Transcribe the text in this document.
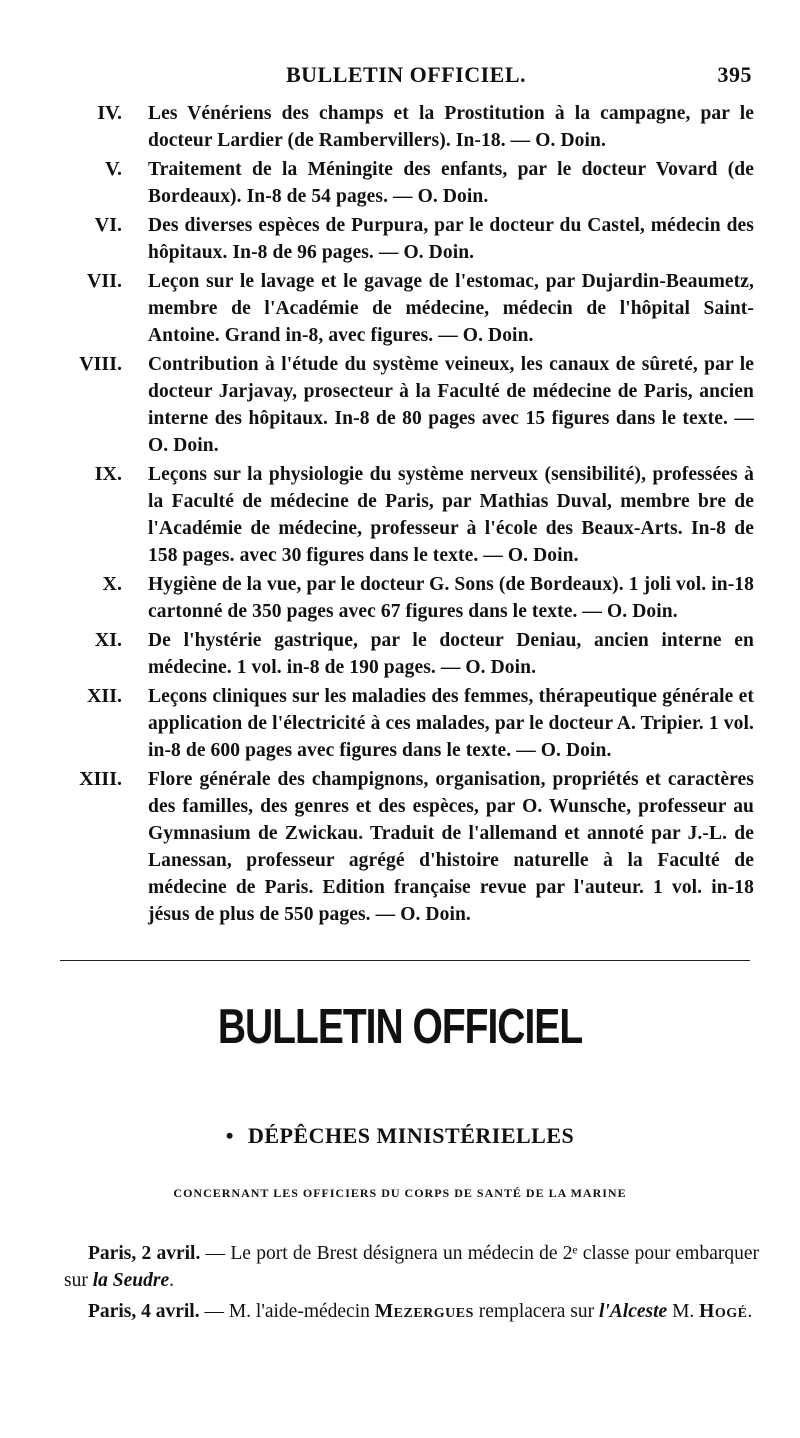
BULLETIN OFFICIEL.	395
IV. Les Vénériens des champs et la Prostitution à la campagne, par le docteur Lardier (de Rambervillers). In-18. — O. Doin.
V. Traitement de la Méningite des enfants, par le docteur Vovard (de Bordeaux). In-8 de 54 pages. — O. Doin.
VI. Des diverses espèces de Purpura, par le docteur du Castel, médecin des hôpitaux. In-8 de 96 pages. — O. Doin.
VII. Leçon sur le lavage et le gavage de l'estomac, par Dujardin-Beaumetz, membre de l'Académie de médecine, médecin de l'hôpital Saint-Antoine. Grand in-8, avec figures. — O. Doin.
VIII. Contribution à l'étude du système veineux, les canaux de sûreté, par le docteur Jarjavay, prosecteur à la Faculté de médecine de Paris, ancien interne des hôpitaux. In-8 de 80 pages avec 15 figures dans le texte. — O. Doin.
IX. Leçons sur la physiologie du système nerveux (sensibilité), professées à la Faculté de médecine de Paris, par Mathias Duval, membre bre de l'Académie de médecine, professeur à l'école des Beaux-Arts. In-8 de 158 pages. avec 30 figures dans le texte. — O. Doin.
X. Hygiène de la vue, par le docteur G. Sons (de Bordeaux). 1 joli vol. in-18 cartonné de 350 pages avec 67 figures dans le texte. — O. Doin.
XI. De l'hystérie gastrique, par le docteur Deniau, ancien interne en médecine. 1 vol. in-8 de 190 pages. — O. Doin.
XII. Leçons cliniques sur les maladies des femmes, thérapeutique générale et application de l'électricité à ces malades, par le docteur A. Tripier. 1 vol. in-8 de 600 pages avec figures dans le texte. — O. Doin.
XIII. Flore générale des champignons, organisation, propriétés et caractères des familles, des genres et des espèces, par O. Wunsche, professeur au Gymnasium de Zwickau. Traduit de l'allemand et annoté par J.-L. de Lanessan, professeur agrégé d'histoire naturelle à la Faculté de médecine de Paris. Edition française revue par l'auteur. 1 vol. in-18 jésus de plus de 550 pages. — O. Doin.
BULLETIN OFFICIEL
• DÉPÊCHES MINISTÉRIELLES
CONCERNANT LES OFFICIERS DU CORPS DE SANTÉ DE LA MARINE

Paris, 2 avril. — Le port de Brest désignera un médecin de 2ᵉ classe pour embarquer sur la Seudre.

Paris, 4 avril. — M. l'aide-médecin Mezergues remplacera sur l'Alceste M. Hogé.
